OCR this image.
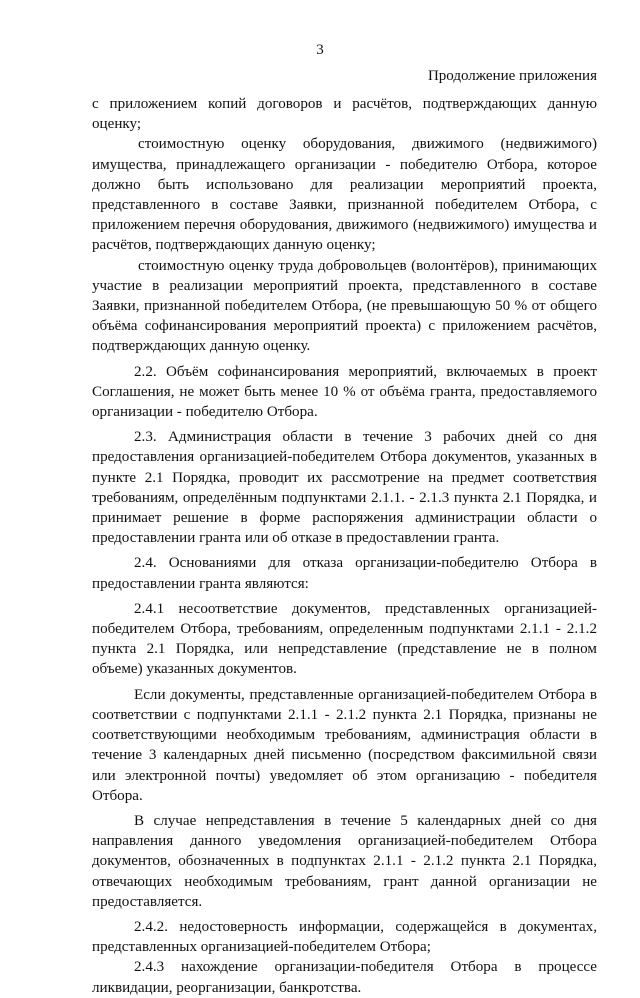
3
Продолжение приложения

с приложением копий договоров и расчётов, подтверждающих данную оценку;

стоимостную оценку оборудования, движимого (недвижимого) имущества, принадлежащего организации - победителю Отбора, которое должно быть использовано для реализации мероприятий проекта, представленного в составе Заявки, признанной победителем Отбора, с приложением перечня оборудования, движимого (недвижимого) имущества и расчётов, подтверждающих данную оценку;

стоимостную оценку труда добровольцев (волонтёров), принимающих участие в реализации мероприятий проекта, представленного в составе Заявки, признанной победителем Отбора, (не превышающую 50 % от общего объёма софинансирования мероприятий проекта) с приложением расчётов, подтверждающих данную оценку.

2.2. Объём софинансирования мероприятий, включаемых в проект Соглашения, не может быть менее 10 % от объёма гранта, предоставляемого организации - победителю Отбора.

2.3. Администрация области в течение 3 рабочих дней со дня предоставления организацией-победителем Отбора документов, указанных в пункте 2.1 Порядка, проводит их рассмотрение на предмет соответствия требованиям, определённым подпунктами 2.1.1. - 2.1.3 пункта 2.1 Порядка, и принимает решение в форме распоряжения администрации области о предоставлении гранта или об отказе в предоставлении гранта.

2.4. Основаниями для отказа организации-победителю Отбора в предоставлении гранта являются:

2.4.1 несоответствие документов, представленных организацией-победителем Отбора, требованиям, определенным подпунктами 2.1.1 - 2.1.2 пункта 2.1 Порядка, или непредставление (представление не в полном объеме) указанных документов.

Если документы, представленные организацией-победителем Отбора в соответствии с подпунктами 2.1.1 - 2.1.2 пункта 2.1 Порядка, признаны не соответствующими необходимым требованиям, администрация области в течение 3 календарных дней письменно (посредством факсимильной связи или электронной почты) уведомляет об этом организацию - победителя Отбора.

В случае непредставления в течение 5 календарных дней со дня направления данного уведомления организацией-победителем Отбора документов, обозначенных в подпунктах 2.1.1 - 2.1.2 пункта 2.1 Порядка, отвечающих необходимым требованиям, грант данной организации не предоставляется.

2.4.2. недостоверность информации, содержащейся в документах, представленных организацией-победителем Отбора;

2.4.3 нахождение организации-победителя Отбора в процессе ликвидации, реорганизации, банкротства.
